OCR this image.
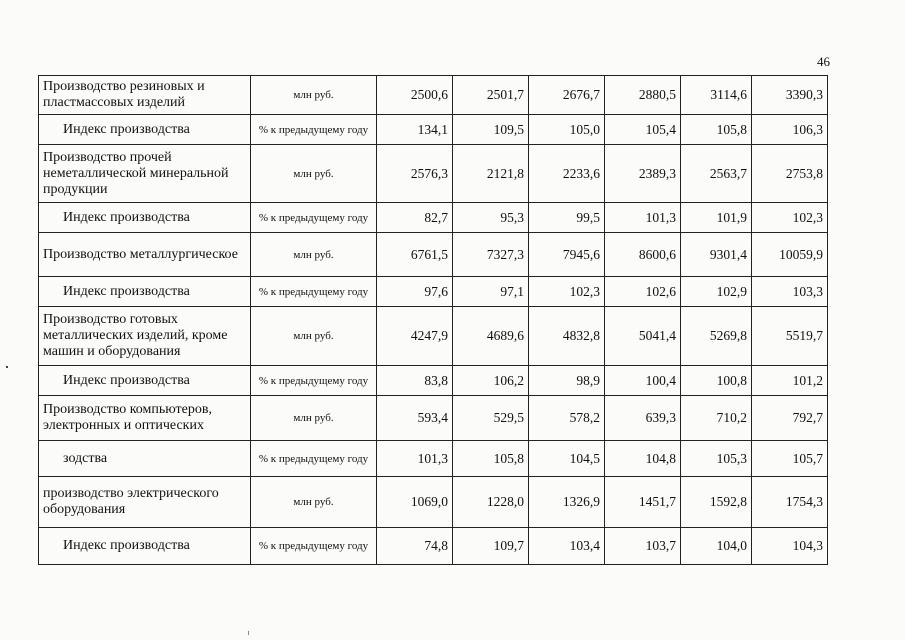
46
Производство резиновых и пластмассовых изделий	млн руб.	2500,6	2501,7	2676,7	2880,5	3114,6	3390,3
Индекс производства	% к предыдущему году	134,1	109,5	105,0	105,4	105,8	106,3
Производство прочей неметаллической минеральной продукции	млн руб.	2576,3	2121,8	2233,6	2389,3	2563,7	2753,8
Индекс производства	% к предыдущему году	82,7	95,3	99,5	101,3	101,9	102,3
Производство металлургическое	млн руб.	6761,5	7327,3	7945,6	8600,6	9301,4	10059,9
Индекс производства	% к предыдущему году	97,6	97,1	102,3	102,6	102,9	103,3
Производство готовых металлических изделий, кроме машин и оборудования	млн руб.	4247,9	4689,6	4832,8	5041,4	5269,8	5519,7
Индекс производства	% к предыдущему году	83,8	106,2	98,9	100,4	100,8	101,2
Производство компьютеров, электронных и оптических	млн руб.	593,4	529,5	578,2	639,3	710,2	792,7
зодства	% к предыдущему году	101,3	105,8	104,5	104,8	105,3	105,7
производство электрического оборудования	млн руб.	1069,0	1228,0	1326,9	1451,7	1592,8	1754,3
Индекс производства	% к предыдущему году	74,8	109,7	103,4	103,7	104,0	104,3
